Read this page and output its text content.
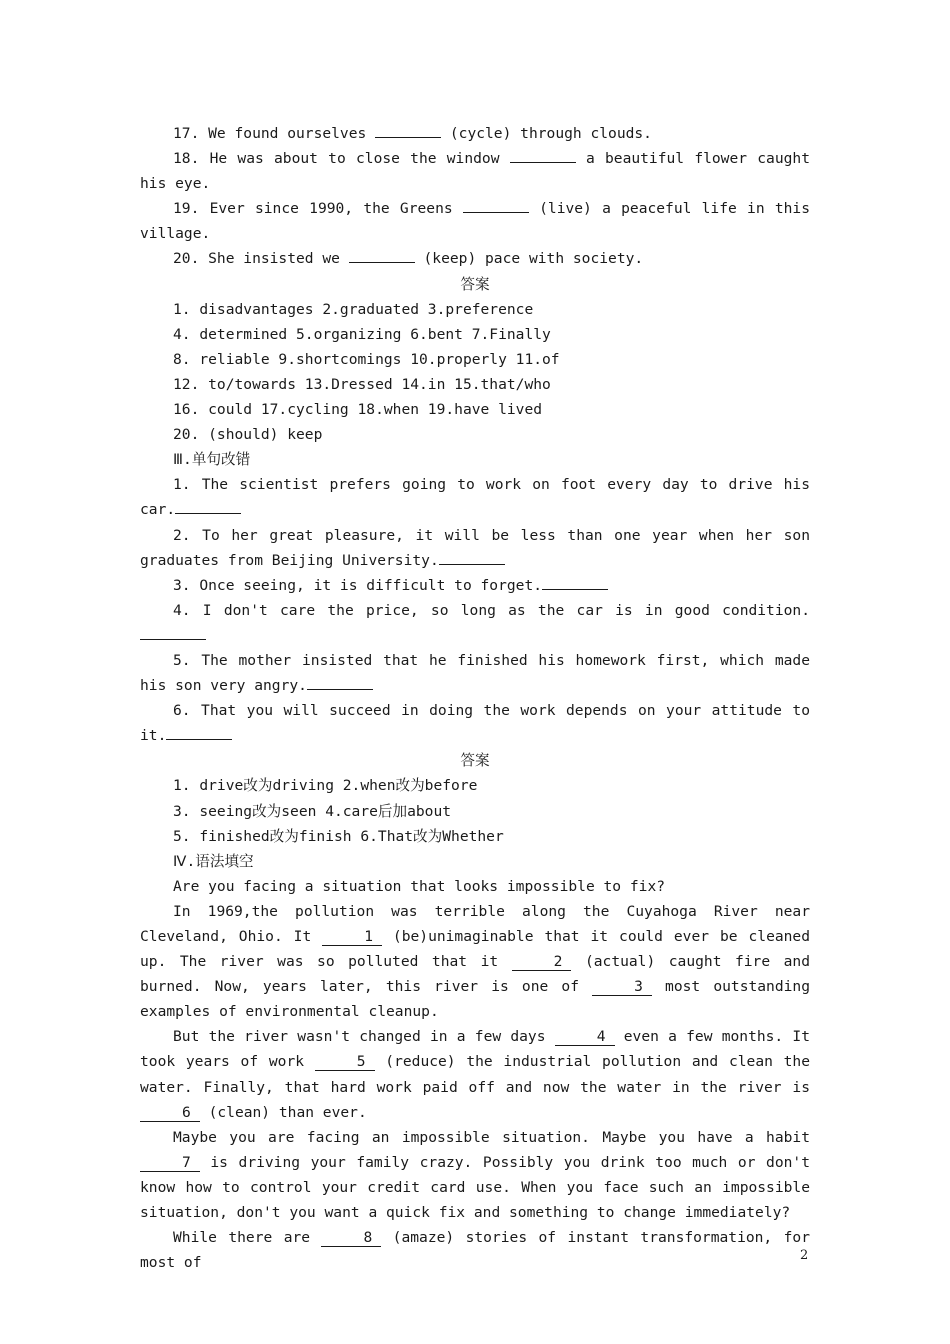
17. We found ourselves	(cycle) through clouds.

18. He was about to close the window	a beautiful flower caught his eye.

19. Ever since 1990, the Greens	(live) a peaceful life in this village.

20. She insisted we	(keep) pace with society.

答案

1. disadvantages 2.graduated 3.preference

4. determined 5.organizing 6.bent 7.Finally

8. reliable 9.shortcomings 10.properly 11.of

12. to/towards 13.Dressed 14.in 15.that/who

16. could 17.cycling 18.when 19.have lived

20. (should) keep

Ⅲ.单句改错

1. The scientist prefers going to work on foot every day to drive his car.

2. To her great pleasure, it will be less than one year when her son graduates from Beijing University.

3. Once seeing, it is difficult to forget.

4. I don't care the price, so long as the car is in good condition.

5. The mother insisted that he finished his homework first, which made his son very angry.

6. That you will succeed in doing the work depends on your attitude to it.

答案

1. drive改为driving 2.when改为before

3. seeing改为seen 4.care后加about

5. finished改为finish 6.That改为Whether

Ⅳ.语法填空

Are you facing a situation that looks impossible to fix?

In 1969,the pollution was terrible along the Cuyahoga River near Cleveland, Ohio. It	1 (be)unimaginable that it could ever be cleaned up. The river was so polluted that it	2 (actual) caught fire and burned. Now, years later, this river is one of	3 most outstanding examples of environmental cleanup.

But the river wasn't changed in a few days	4 even a few months. It took years of work	5 (reduce) the industrial pollution and clean the water. Finally, that hard work paid off and now the water in the river is 6 (clean) than ever.

Maybe you are facing an impossible situation. Maybe you have a habit 7 is driving your family crazy. Possibly you drink too much or don't know how to control your credit card use. When you face such an impossible situation, don't you want a quick fix and something to change immediately?

While there are	8 (amaze) stories of instant transformation, for most of	2
